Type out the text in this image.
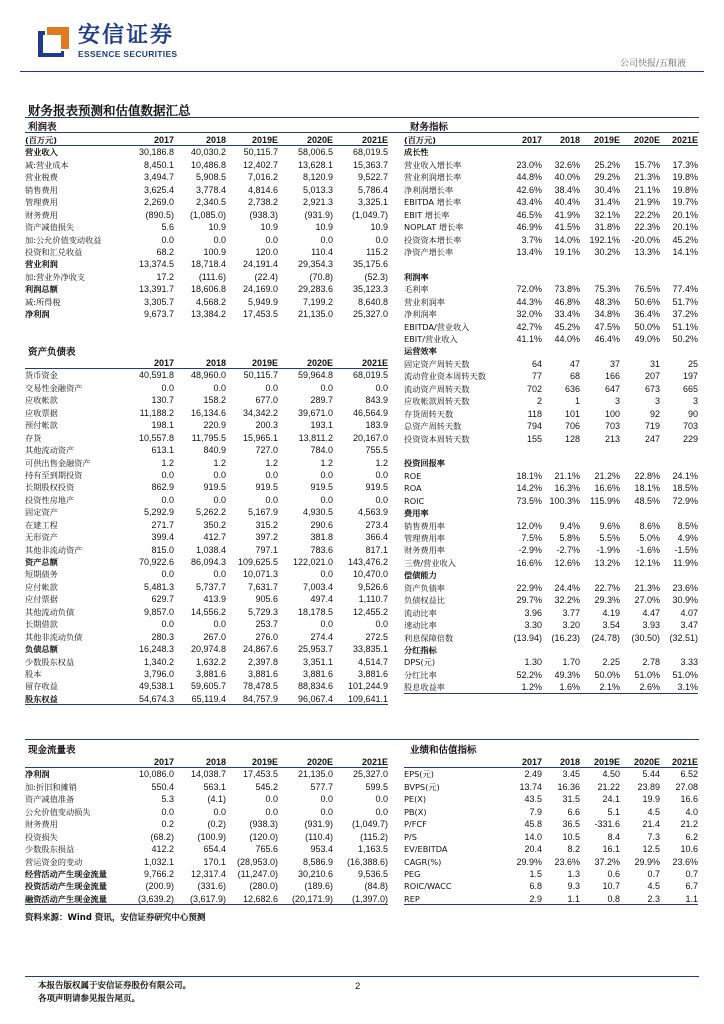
安信证券
ESSENCE SECURITIES
公司快报/五粮液
财务报表预测和估值数据汇总
利润表	财务指标
资产负债表
现金流量表	业绩和估值指标
(百万元)	2017	2018	2019E	2020E	2021E
营业收入	30,186.8	40,030.2	50,115.7	58,006.5	68,019.5
减:营业成本	8,450.1	10,486.8	12,402.7	13,628.1	15,363.7
营业税费	3,494.7	5,908.5	7,016.2	8,120.9	9,522.7
销售费用	3,625.4	3,778.4	4,814.6	5,013.3	5,786.4
管理费用	2,269.0	2,340.5	2,738.2	2,921.3	3,325.1
财务费用	(890.5)	(1,085.0)	(938.3)	(931.9)	(1,049.7)
资产减值损失	5.6	10.9	10.9	10.9	10.9
加:公允价值变动收益	0.0	0.0	0.0	0.0	0.0
投资和汇兑收益	68.2	100.9	120.0	110.4	115.2
营业利润	13,374.5	18,718.4	24,191.4	29,354.3	35,175.6
加:营业外净收支	17.2	(111.6)	(22.4)	(70.8)	(52.3)
利润总额	13,391.7	18,606.8	24,169.0	29,283.6	35,123.3
减:所得税	3,305.7	4,568.2	5,949.9	7,199.2	8,640.8
净利润	9,673.7	13,384.2	17,453.5	21,135.0	25,327.0
2017	2018	2019E	2020E	2021E
货币资金	40,591.8	48,960.0	50,115.7	59,964.8	68,019.5
交易性金融资产	0.0	0.0	0.0	0.0	0.0
应收帐款	130.7	158.2	677.0	289.7	843.9
应收票据	11,188.2	16,134.6	34,342.2	39,671.0	46,564.9
预付帐款	198.1	220.9	200.3	193.1	183.9
存货	10,557.8	11,795.5	15,965.1	13,811.2	20,167.0
其他流动资产	613.1	840.9	727.0	784.0	755.5
可供出售金融资产	1.2	1.2	1.2	1.2	1.2
持有至到期投资	0.0	0.0	0.0	0.0	0.0
长期股权投资	862.9	919.5	919.5	919.5	919.5
投资性房地产	0.0	0.0	0.0	0.0	0.0
固定资产	5,292.9	5,262.2	5,167.9	4,930.5	4,563.9
在建工程	271.7	350.2	315.2	290.6	273.4
无形资产	399.4	412.7	397.2	381.8	366.4
其他非流动资产	815.0	1,038.4	797.1	783.6	817.1
资产总额	70,922.6	86,094.3	109,625.5	122,021.0	143,476.2
短期债务	0.0	0.0	10,071.3	0.0	10,470.0
应付帐款	5,481.3	5,737.7	7,631.7	7,003.4	9,526.6
应付票据	629.7	413.9	905.6	497.4	1,110.7
其他流动负债	9,857.0	14,556.2	5,729.3	18,178.5	12,455.2
长期借款	0.0	0.0	253.7	0.0	0.0
其他非流动负债	280.3	267.0	276.0	274.4	272.5
负债总额	16,248.3	20,974.8	24,867.6	25,953.7	33,835.1
少数股东权益	1,340.2	1,632.2	2,397.8	3,351.1	4,514.7
股本	3,796.0	3,881.6	3,881.6	3,881.6	3,881.6
留存收益	49,538.1	59,605.7	78,478.5	88,834.6	101,244.9
股东权益	54,674.3	65,119.4	84,757.9	96,067.4	109,641.1
(百万元)	2017	2018	2019E	2020E	2021E
成长性
营业收入增长率	23.0%	32.6%	25.2%	15.7%	17.3%
营业利润增长率	44.8%	40.0%	29.2%	21.3%	19.8%
净利润增长率	42.6%	38.4%	30.4%	21.1%	19.8%
EBITDA 增长率	43.4%	40.4%	31.4%	21.9%	19.7%
EBIT 增长率	46.5%	41.9%	32.1%	22.2%	20.1%
NOPLAT 增长率	46.9%	41.5%	31.8%	22.3%	20.1%
投资资本增长率	3.7%	14.0%	192.1%	-20.0%	45.2%
净资产增长率	13.4%	19.1%	30.2%	13.3%	14.1%
利润率
毛利率	72.0%	73.8%	75.3%	76.5%	77.4%
营业利润率	44.3%	46.8%	48.3%	50.6%	51.7%
净利润率	32.0%	33.4%	34.8%	36.4%	37.2%
EBITDA/营业收入	42.7%	45.2%	47.5%	50.0%	51.1%
EBIT/营业收入	41.1%	44.0%	46.4%	49.0%	50.2%
运营效率
固定资产周转天数	64	47	37	31	25
流动营业资本周转天数	77	68	166	207	197
流动资产周转天数	702	636	647	673	665
应收帐款周转天数	2	1	3	3	3
存货周转天数	118	101	100	92	90
总资产周转天数	794	706	703	719	703
投资资本周转天数	155	128	213	247	229
投资回报率
ROE	18.1%	21.1%	21.2%	22.8%	24.1%
ROA	14.2%	16.3%	16.6%	18.1%	18.5%
ROIC	73.5% 100.3%	115.9%	48.5%	72.9%
费用率
销售费用率	12.0%	9.4%	9.6%	8.6%	8.5%
管理费用率	7.5%	5.8%	5.5%	5.0%	4.9%
财务费用率	-2.9%	-2.7%	-1.9%	-1.6%	-1.5%
三费/营业收入	16.6%	12.6%	13.2%	12.1%	11.9%
偿债能力
资产负债率	22.9%	24.4%	22.7%	21.3%	23.6%
负债权益比	29.7%	32.2%	29.3%	27.0%	30.9%
流动比率	3.96	3.77	4.19	4.47	4.07
速动比率	3.30	3.20	3.54	3.93	3.47
利息保障倍数	(13.94)	(16.23)	(24.78)	(30.50)	(32.51)
分红指标
DPS(元)	1.30	1.70	2.25	2.78	3.33
分红比率	52.2%	49.3%	50.0%	51.0%	51.0%
股息收益率	1.2%	1.6%	2.1%	2.6%	3.1%
2017	2018	2019E	2020E	2021E
净利润	10,086.0	14,038.7	17,453.5	21,135.0	25,327.0
加:折旧和摊销	550.4	563.1	545.2	577.7	599.5
资产减值准备	5.3	(4.1)	0.0	0.0	0.0
公允价值变动损失	0.0	0.0	0.0	0.0	0.0
财务费用	0.2	(0.2)	(938.3)	(931.9)	(1,049.7)
投资损失	(68.2)	(100.9)	(120.0)	(110.4)	(115.2)
少数股东损益	412.2	654.4	765.6	953.4	1,163.5
营运资金的变动	1,032.1	170.1	(28,953.0)	8,586.9	(16,388.6)
经营活动产生现金流量	9,766.2	12,317.4	(11,247.0)	30,210.6	9,536.5
投资活动产生现金流量	(200.9)	(331.6)	(280.0)	(189.6)	(84.8)
融资活动产生现金流量	(3,639.2)	(3,617.9)	12,682.6	(20,171.9)	(1,397.0)
2017	2018	2019E	2020E	2021E
EPS(元)	2.49	3.45	4.50	5.44	6.52
BVPS(元)	13.74	16.36	21.22	23.89	27.08
PE(X)	43.5	31.5	24.1	19.9	16.6
PB(X)	7.9	6.6	5.1	4.5	4.0
P/FCF	45.8	36.5	-331.6	21.4	21.2
P/S	14.0	10.5	8.4	7.3	6.2
EV/EBITDA	20.4	8.2	16.1	12.5	10.6
CAGR(%)	29.9%	23.6%	37.2%	29.9%	23.6%
PEG	1.5	1.3	0.6	0.7	0.7
ROIC/WACC	6.8	9.3	10.7	4.5	6.7
REP	2.9	1.1	0.8	2.3	1.1
资料来源：Wind 资讯，安信证券研究中心预测
本报告版权属于安信证券股份有限公司。
各项声明请参见报告尾页。
2
